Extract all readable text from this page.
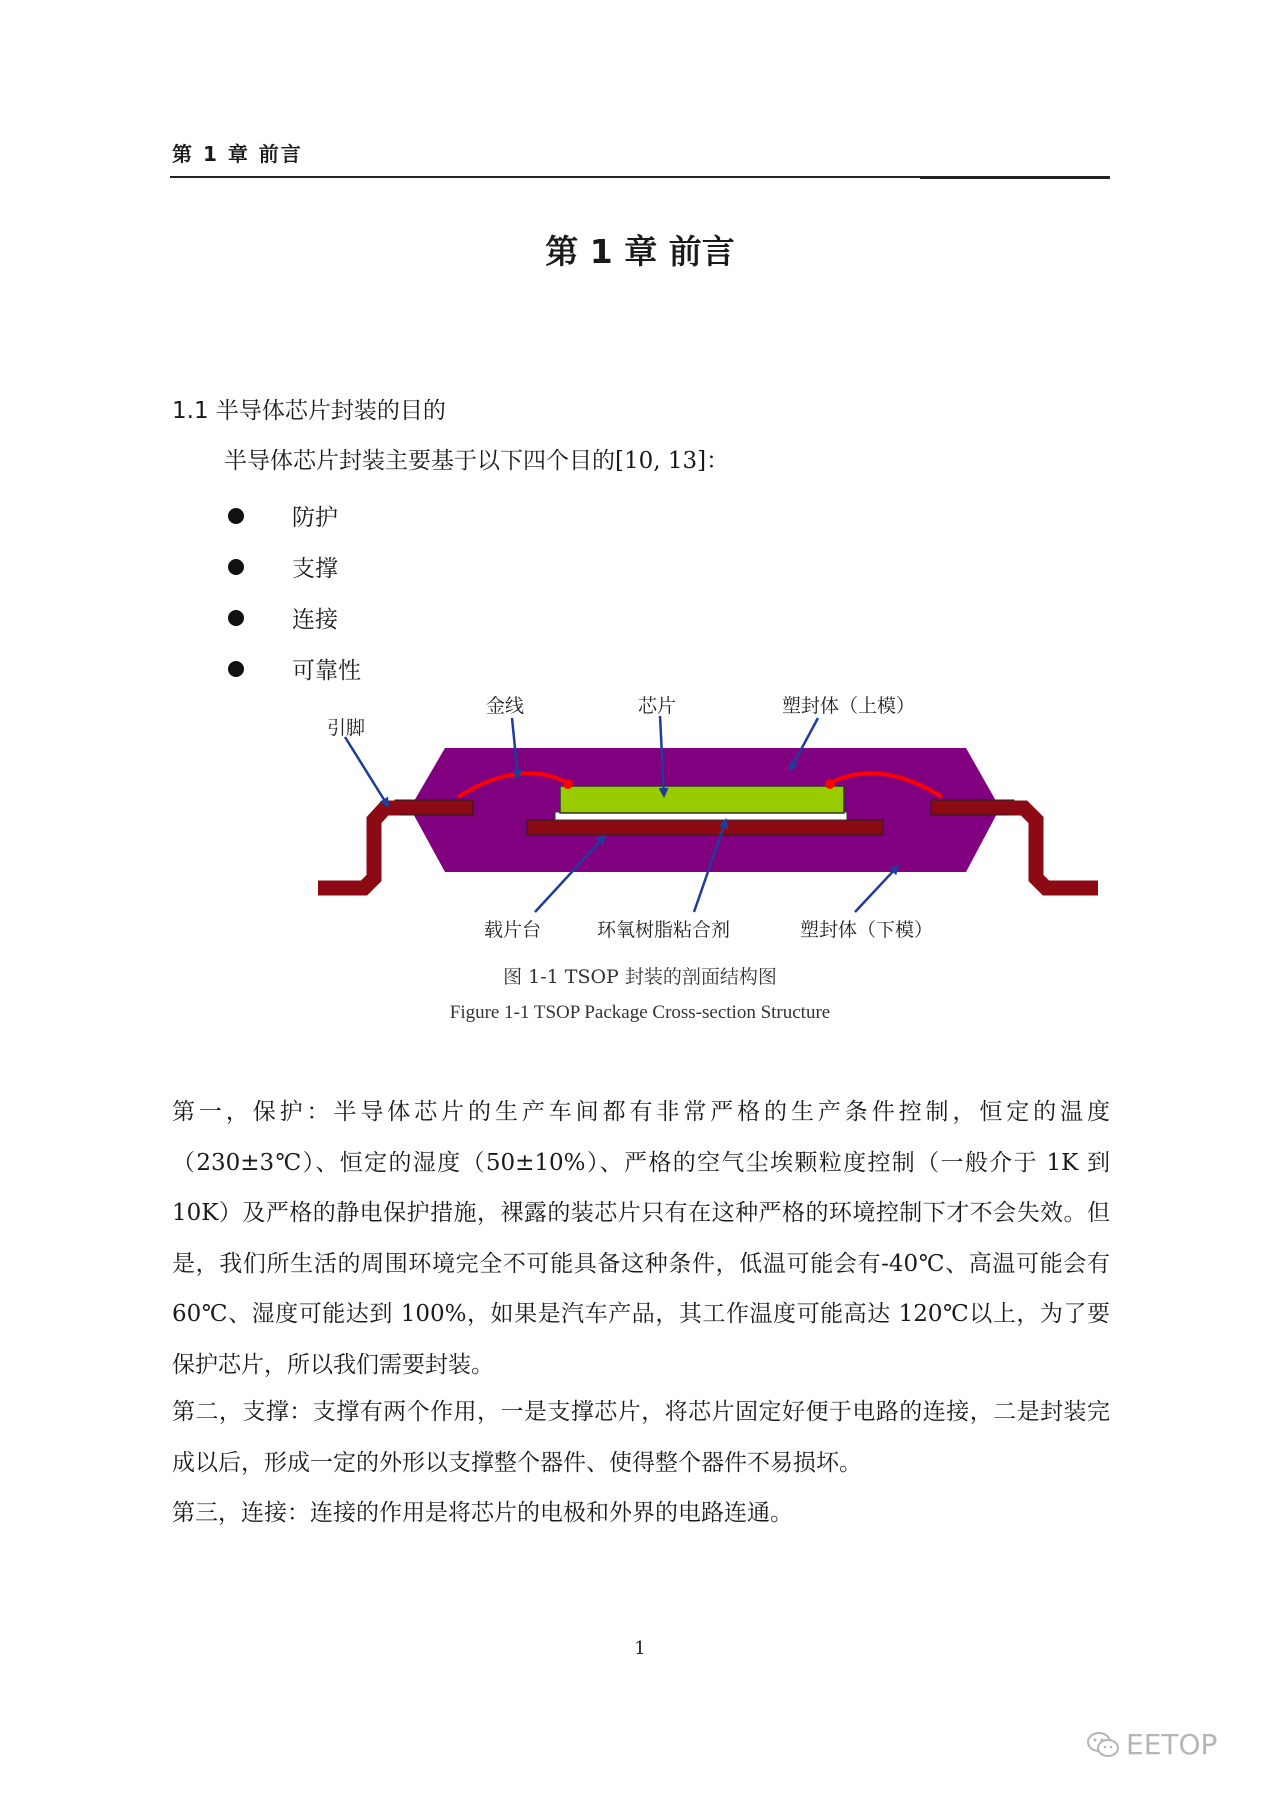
第 1 章 前言
第 1 章 前言
1.1 半导体芯片封装的目的
半导体芯片封装主要基于以下四个目的[10, 13]：
防护
支撑
连接
可靠性
引脚
金线	芯片	塑封体（上模）
载片台	环氧树脂粘合剂	塑封体（下模）
图 1-1 TSOP 封装的剖面结构图
Figure 1-1 TSOP Package Cross-section Structure

第一，保护：半导体芯片的生产车间都有非常严格的生产条件控制，恒定的温度（230±3℃）、恒定的湿度（50±10%）、严格的空气尘埃颗粒度控制（一般介于 1K 到 10K）及严格的静电保护措施，裸露的装芯片只有在这种严格的环境控制下才不会失效。但是，我们所生活的周围环境完全不可能具备这种条件，低温可能会有-40℃、高温可能会有 60℃、湿度可能达到 100%，如果是汽车产品，其工作温度可能高达 120℃以上，为了要保护芯片，所以我们需要封装。

第二，支撑：支撑有两个作用，一是支撑芯片，将芯片固定好便于电路的连接，二是封装完成以后，形成一定的外形以支撑整个器件、使得整个器件不易损坏。

第三，连接：连接的作用是将芯片的电极和外界的电路连通。

1
EETOP
